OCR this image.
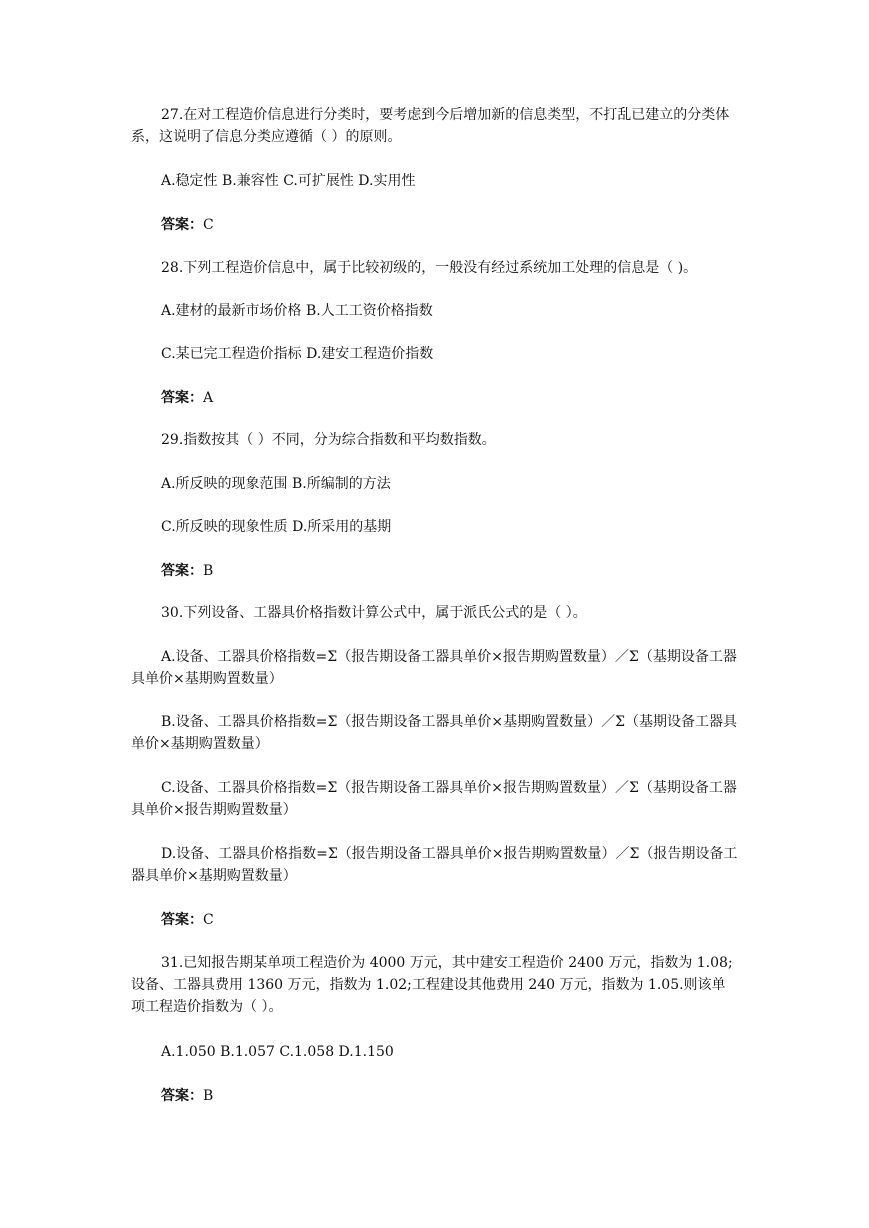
27.在对工程造价信息进行分类时，要考虑到今后增加新的信息类型，不打乱已建立的分类体系，这说明了信息分类应遵循（ ）的原则。

A.稳定性 B.兼容性 C.可扩展性 D.实用性

答案：C

28.下列工程造价信息中，属于比较初级的，一般没有经过系统加工处理的信息是（ )。

A.建材的最新市场价格 B.人工工资价格指数

C.某已完工程造价指标 D.建安工程造价指数

答案：A

29.指数按其（ ）不同，分为综合指数和平均数指数。

A.所反映的现象范围 B.所编制的方法

C.所反映的现象性质 D.所采用的基期

答案：B

30.下列设备、工器具价格指数计算公式中，属于派氏公式的是（ ）。

A.设备、工器具价格指数=Σ（报告期设备工器具单价×报告期购置数量）／Σ（基期设备工器具单价×基期购置数量）

B.设备、工器具价格指数=Σ（报告期设备工器具单价×基期购置数量）／Σ（基期设备工器具单价×基期购置数量）

C.设备、工器具价格指数=Σ（报告期设备工器具单价×报告期购置数量）／Σ（基期设备工器具单价×报告期购置数量）

D.设备、工器具价格指数=Σ（报告期设备工器具单价×报告期购置数量）／Σ（报告期设备工器具单价×基期购置数量）

答案：C

31.已知报告期某单项工程造价为 4000 万元，其中建安工程造价 2400 万元，指数为 1.08;设备、工器具费用 1360 万元，指数为 1.02;工程建设其他费用 240 万元，指数为 1.05.则该单项工程造价指数为（ ）。

A.1.050 B.1.057 C.1.058 D.1.150

答案：B
